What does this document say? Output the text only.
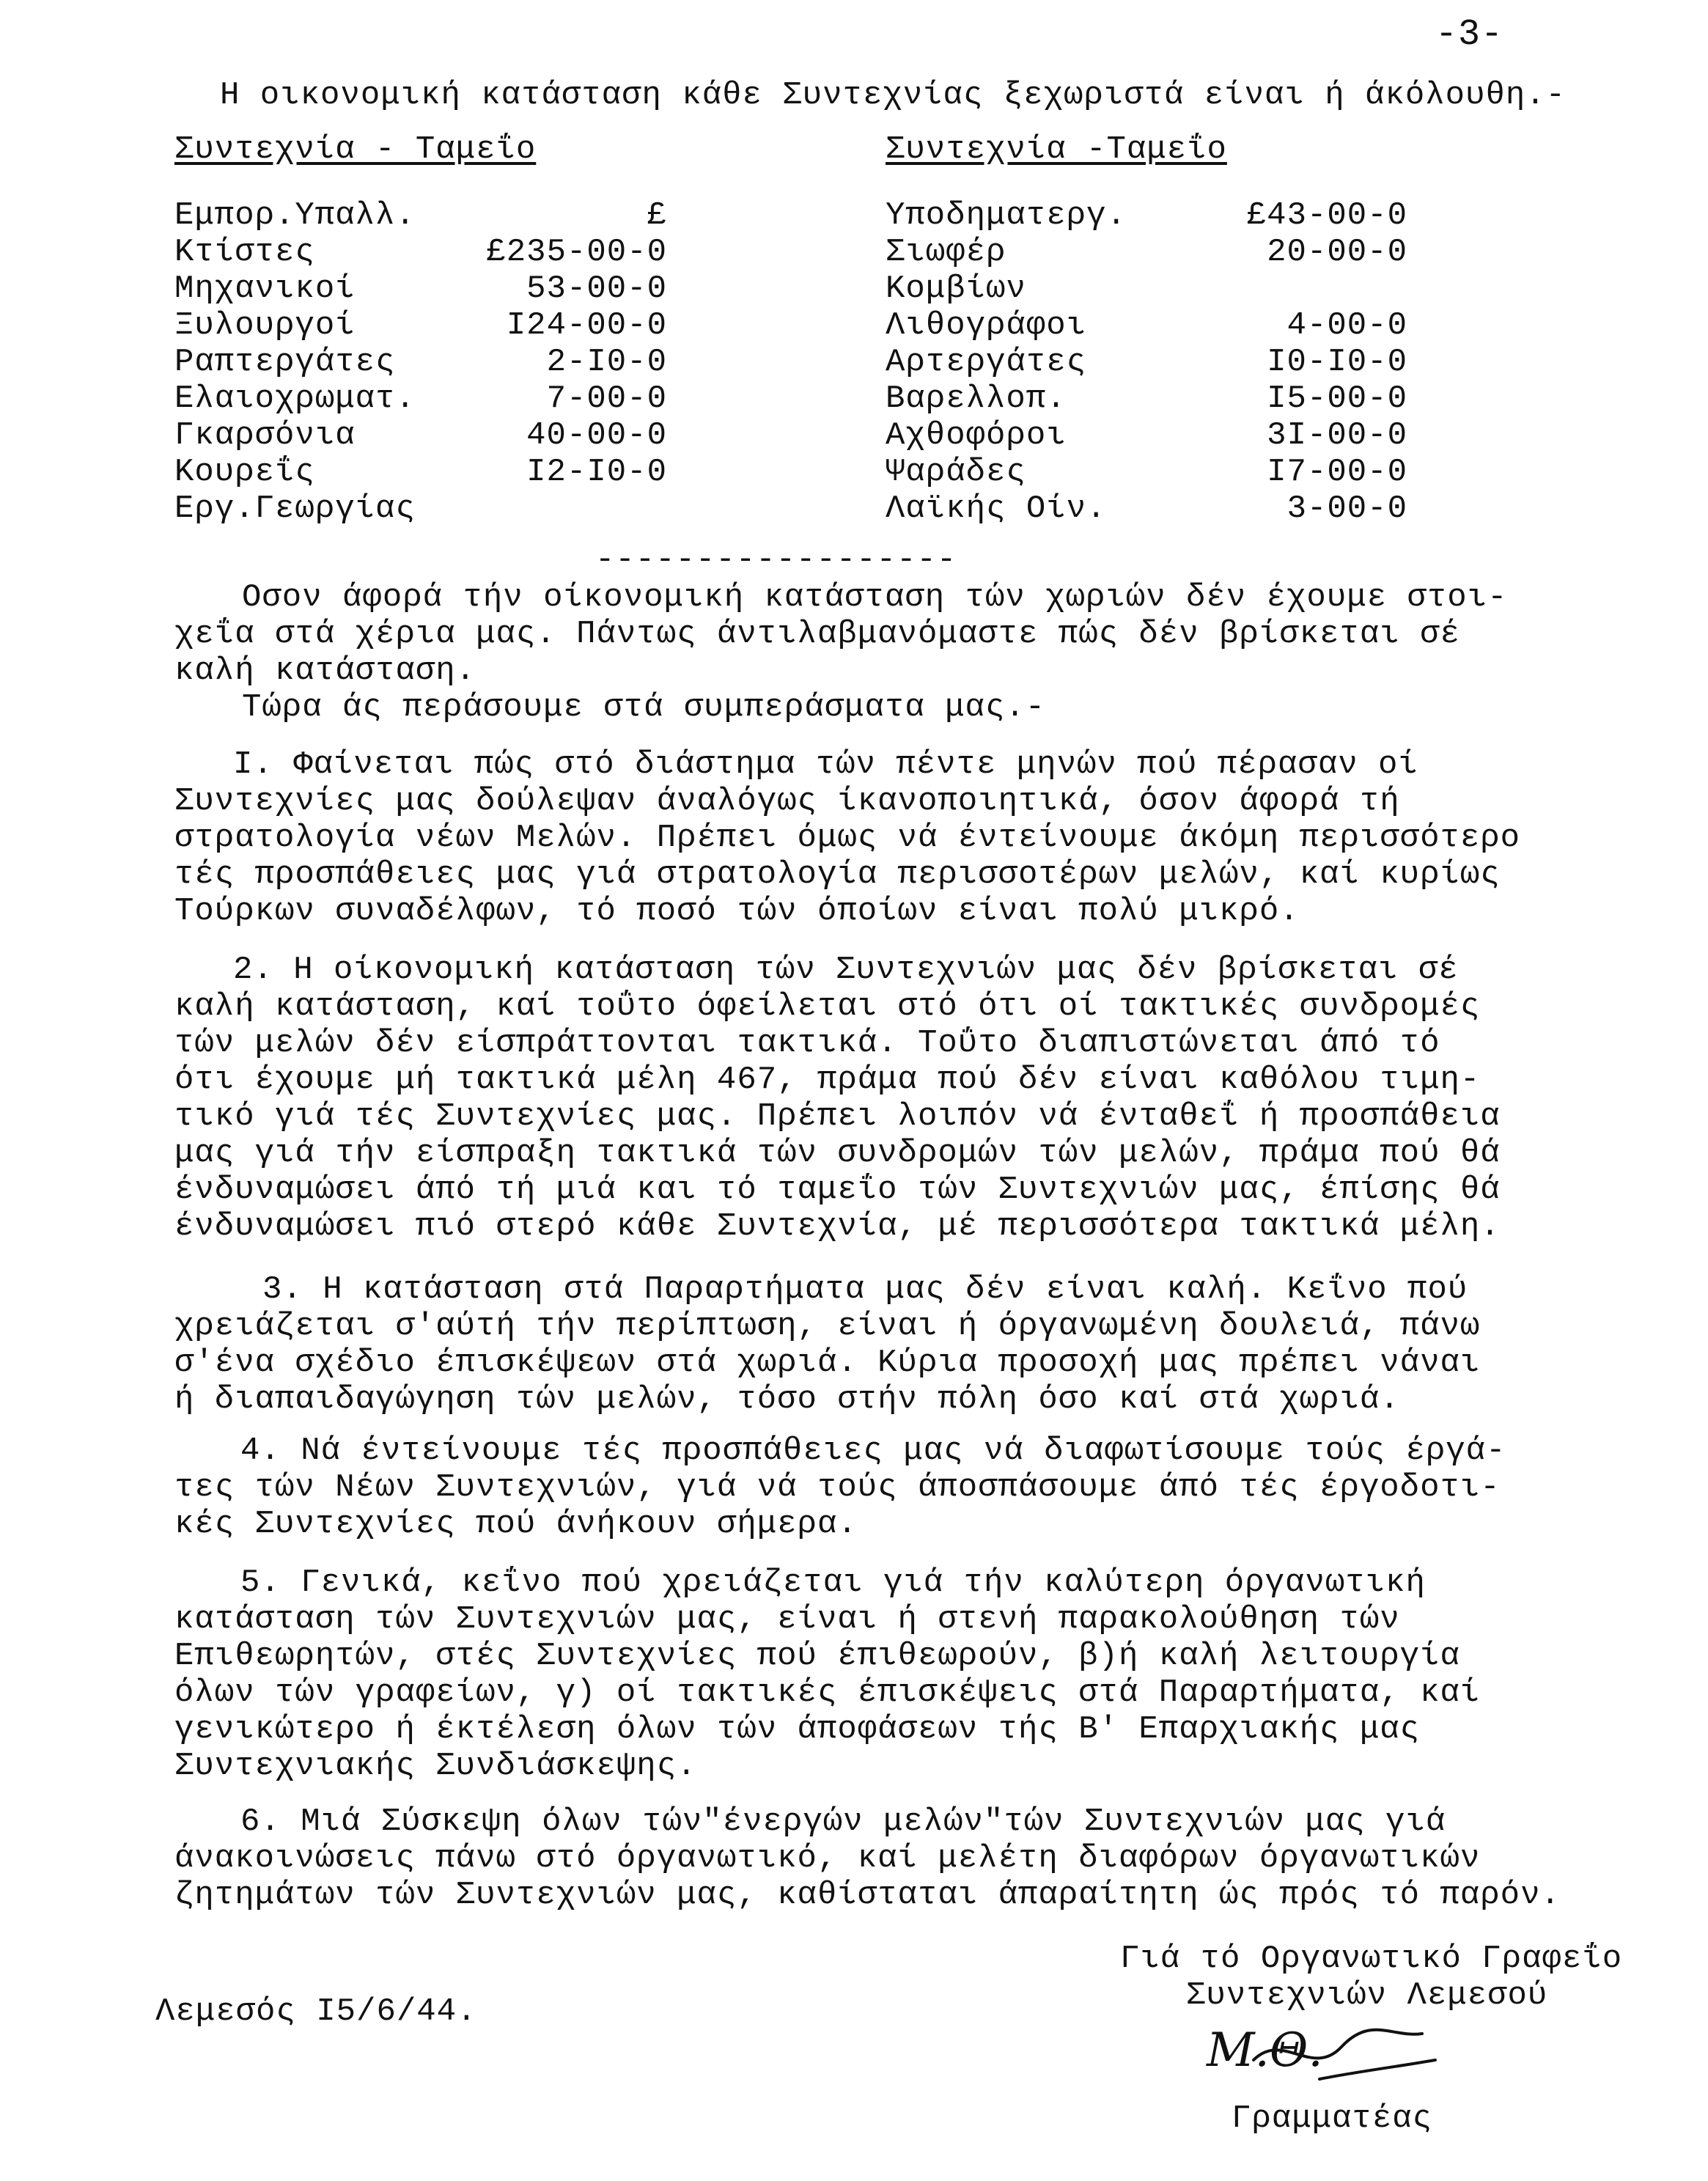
-3-
Η οικονομική κατάσταση κάθε Συντεχνίας ξεχωριστά είναι ή άκόλουθη.-
Συντεχνία - Ταμεΐο	Συντεχνία -Ταμεΐο
Εμπορ.Υπαλλ.	£
Κτίστες	£235-00-0
Μηχανικοί	53-00-0
Ξυλουργοί	Ι24-00-0
Ραπτεργάτες	2-Ι0-0
Ελαιοχρωματ.	7-00-0
Γκαρσόνια	40-00-0
Κουρεΐς	Ι2-Ι0-0
Εργ.Γεωργίας
Υποδηματεργ.	£43-00-0
Σιωφέρ	20-00-0
Κομβίων
Λιθογράφοι	4-00-0
Αρτεργάτες	Ι0-Ι0-0
Βαρελλοπ.	Ι5-00-0
Αχθοφόροι	3Ι-00-0
Ψαράδες	Ι7-00-0
Λαϊκής Οίν.	3-00-0
------------------
Οσον άφορά τήν οίκονομική κατάσταση τών χωριών δέν έχουμε στοι-
χεΐα στά χέρια μας. Πάντως άντιλαβμανόμαστε πώς δέν βρίσκεται σέ
καλή κατάσταση.
Τώρα άς περάσουμε στά συμπεράσματα μας.-
Ι. Φαίνεται πώς στό διάστημα τών πέντε μηνών πού πέρασαν οί
Συντεχνίες μας δούλεψαν άναλόγως ίκανοποιητικά, όσον άφορά τή
στρατολογία νέων Μελών. Πρέπει όμως νά έντείνουμε άκόμη περισσότερο
τές προσπάθειες μας γιά στρατολογία περισσοτέρων μελών, καί κυρίως
Τούρκων συναδέλφων, τό ποσό τών όποίων είναι πολύ μικρό.
2. Η οίκονομική κατάσταση τών Συντεχνιών μας δέν βρίσκεται σέ
καλή κατάσταση, καί τοΰτο όφείλεται στό ότι οί τακτικές συνδρομές
τών μελών δέν είσπράττονται τακτικά. Τοΰτο διαπιστώνεται άπό τό
ότι έχουμε μή τακτικά μέλη 467, πράμα πού δέν είναι καθόλου τιμη-
τικό γιά τές Συντεχνίες μας. Πρέπει λοιπόν νά ένταθεΐ ή προσπάθεια
μας γιά τήν είσπραξη τακτικά τών συνδρομών τών μελών, πράμα πού θά
ένδυναμώσει άπό τή μιά και τό ταμεΐο τών Συντεχνιών μας, έπίσης θά
ένδυναμώσει πιό στερό κάθε Συντεχνία, μέ περισσότερα τακτικά μέλη.
3. Η κατάσταση στά Παραρτήματα μας δέν είναι καλή. Κεΐνο πού
χρειάζεται σ'αύτή τήν περίπτωση, είναι ή όργανωμένη δουλειά, πάνω
σ'ένα σχέδιο έπισκέψεων στά χωριά. Κύρια προσοχή μας πρέπει νάναι
ή διαπαιδαγώγηση τών μελών, τόσο στήν πόλη όσο καί στά χωριά.
4. Νά έντείνουμε τές προσπάθειες μας νά διαφωτίσουμε τούς έργά-
τες τών Νέων Συντεχνιών, γιά νά τούς άποσπάσουμε άπό τές έργοδοτι-
κές Συντεχνίες πού άνήκουν σήμερα.
5. Γενικά, κεΐνο πού χρειάζεται γιά τήν καλύτερη όργανωτική
κατάσταση τών Συντεχνιών μας, είναι ή στενή παρακολούθηση τών
Επιθεωρητών, στές Συντεχνίες πού έπιθεωρούν, β)ή καλή λειτουργία
όλων τών γραφείων, γ) οί τακτικές έπισκέψεις στά Παραρτήματα, καί
γενικώτερο ή έκτέλεση όλων τών άποφάσεων τής Β' Επαρχιακής μας
Συντεχνιακής Συνδιάσκεψης.
6. Μιά Σύσκεψη όλων τών"ένεργών μελών"τών Συντεχνιών μας γιά
άνακοινώσεις πάνω στό όργανωτικό, καί μελέτη διαφόρων όργανωτικών
ζητημάτων τών Συντεχνιών μας, καθίσταται άπαραίτητη ώς πρός τό παρόν.
Γιά τό Οργανωτικό Γραφεΐο
Συντεχνιών Λεμεσού
Λεμεσός Ι5/6/44.
Μ.Θ.
Γραμματέας
